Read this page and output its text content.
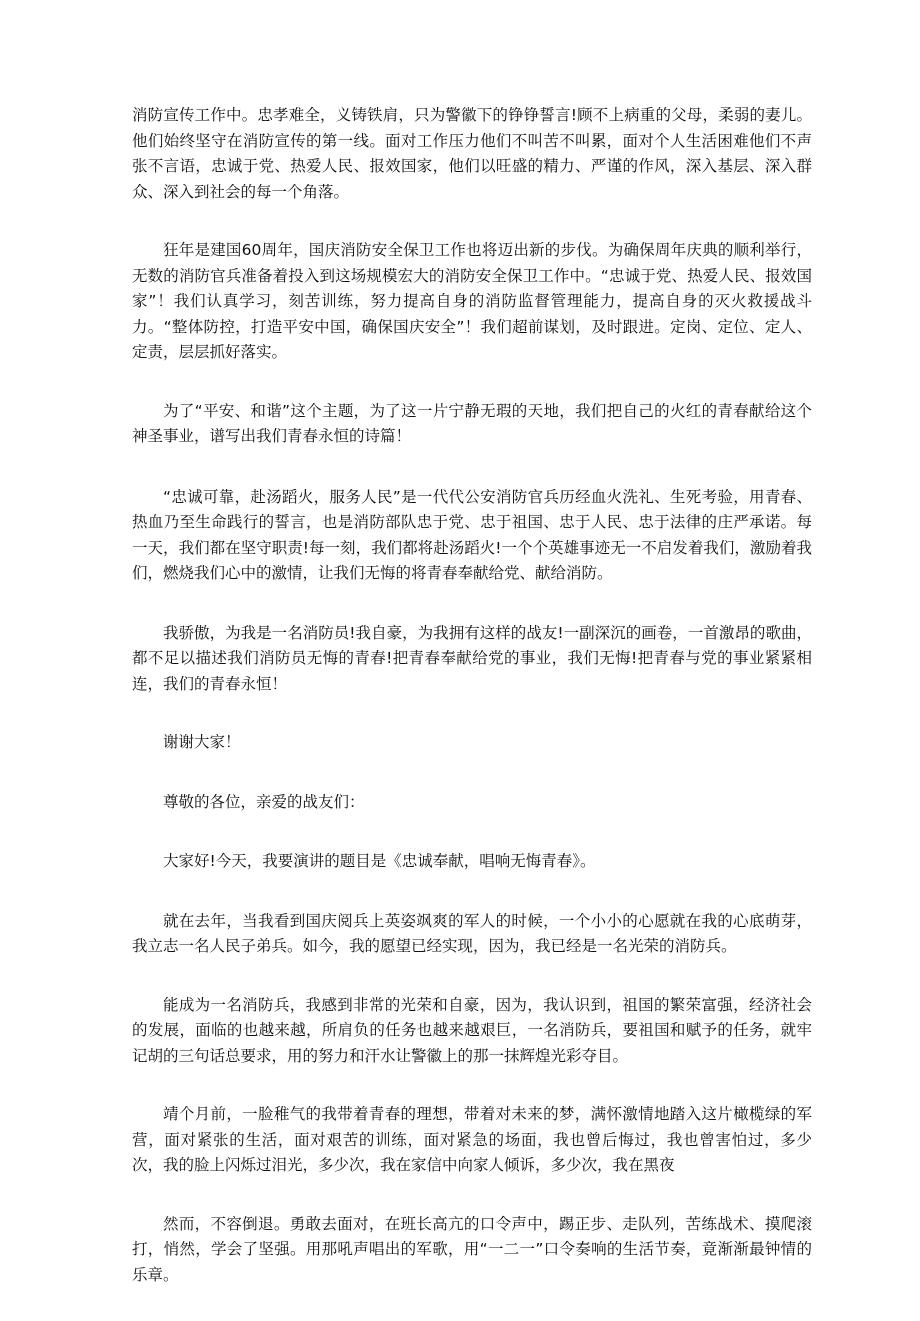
消防宣传工作中。忠孝难全，义铸铁肩，只为警徽下的铮铮誓言!顾不上病重的父母，柔弱的妻儿。他们始终坚守在消防宣传的第一线。面对工作压力他们不叫苦不叫累，面对个人生活困难他们不声张不言语，忠诚于党、热爱人民、报效国家，他们以旺盛的精力、严谨的作风，深入基层、深入群众、深入到社会的每一个角落。

狂年是建国60周年，国庆消防安全保卫工作也将迈出新的步伐。为确保周年庆典的顺利举行，无数的消防官兵准备着投入到这场规模宏大的消防安全保卫工作中。“忠诚于党、热爱人民、报效国家”！我们认真学习，刻苦训练，努力提高自身的消防监督管理能力，提高自身的灭火救援战斗力。“整体防控，打造平安中国，确保国庆安全”！我们超前谋划，及时跟进。定岗、定位、定人、定责，层层抓好落实。

为了“平安、和谐”这个主题，为了这一片宁静无瑕的天地，我们把自己的火红的青春献给这个神圣事业，谱写出我们青春永恒的诗篇！

“忠诚可靠，赴汤蹈火，服务人民”是一代代公安消防官兵历经血火洗礼、生死考验，用青春、热血乃至生命践行的誓言，也是消防部队忠于党、忠于祖国、忠于人民、忠于法律的庄严承诺。每一天，我们都在坚守职责!每一刻，我们都将赴汤蹈火!一个个英雄事迹无一不启发着我们，激励着我们，燃烧我们心中的激情，让我们无悔的将青春奉献给党、献给消防。

我骄傲，为我是一名消防员!我自豪，为我拥有这样的战友!一副深沉的画卷，一首激昂的歌曲，都不足以描述我们消防员无悔的青春!把青春奉献给党的事业，我们无悔!把青春与党的事业紧紧相连，我们的青春永恒！

谢谢大家！

尊敬的各位，亲爱的战友们：

大家好!今天，我要演讲的题目是《忠诚奉献，唱响无悔青春》。

就在去年，当我看到国庆阅兵上英姿飒爽的军人的时候，一个小小的心愿就在我的心底萌芽，我立志一名人民子弟兵。如今，我的愿望已经实现，因为，我已经是一名光荣的消防兵。

能成为一名消防兵，我感到非常的光荣和自豪，因为，我认识到，祖国的繁荣富强，经济社会的发展，面临的也越来越，所肩负的任务也越来越艰巨，一名消防兵，要祖国和赋予的任务，就牢记胡的三句话总要求，用的努力和汗水让警徽上的那一抹辉煌光彩夺目。

靖个月前，一脸稚气的我带着青春的理想，带着对未来的梦，满怀激情地踏入这片橄榄绿的军营，面对紧张的生活，面对艰苦的训练，面对紧急的场面，我也曾后悔过，我也曾害怕过，多少次，我的脸上闪烁过泪光，多少次，我在家信中向家人倾诉，多少次，我在黑夜

然而，不容倒退。勇敢去面对，在班长高亢的口令声中，踢正步、走队列，苦练战术、摸爬滚打，悄然，学会了坚强。用那吼声唱出的军歌，用“一二一”口令奏响的生活节奏，竟渐渐最钟情的乐章。
